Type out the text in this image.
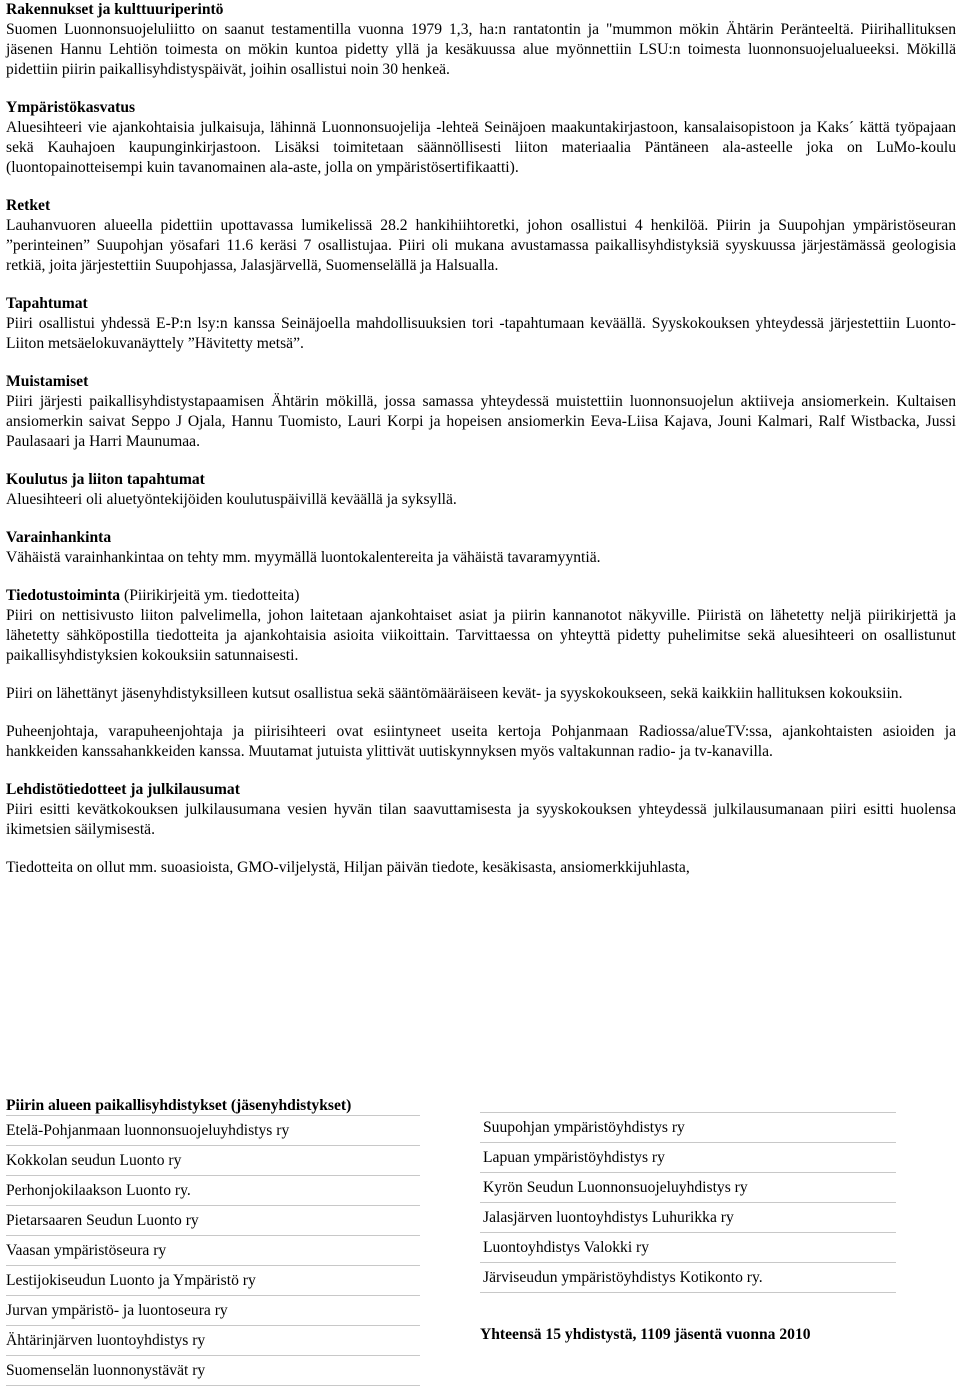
Rakennukset ja kulttuuriperintö

Suomen Luonnonsuojeluliitto on saanut testamentilla vuonna 1979 1,3, ha:n rantatontin ja "mummon mökin Ähtärin Peränteeltä. Piirihallituksen jäsenen Hannu Lehtiön toimesta on mökin kuntoa pidetty yllä ja kesäkuussa alue myönnettiin LSU:n toimesta luonnonsuojelualueeksi. Mökillä pidettiin piirin paikallisyhdistyspäivät, joihin osallistui noin 30 henkeä.

Ympäristökasvatus

Aluesihteeri vie ajankohtaisia julkaisuja, lähinnä Luonnonsuojelija -lehteä Seinäjoen maakuntakirjastoon, kansalaisopistoon ja Kaks´ kättä työpajaan sekä Kauhajoen kaupunginkirjastoon. Lisäksi toimitetaan säännöllisesti liiton materiaalia Päntäneen ala-asteelle joka on LuMo-koulu (luontopainotteisempi kuin tavanomainen ala-aste, jolla on ympäristösertifikaatti).

Retket

Lauhanvuoren alueella pidettiin upottavassa lumikelissä 28.2 hankihiihtoretki, johon osallistui 4 henkilöä. Piirin ja Suupohjan ympäristöseuran ”perinteinen” Suupohjan yösafari 11.6 keräsi 7 osallistujaa. Piiri oli mukana avustamassa paikallisyhdistyksiä syyskuussa järjestämässä geologisia retkiä, joita järjestettiin Suupohjassa, Jalasjärvellä, Suomenselällä ja Halsualla.

Tapahtumat

Piiri osallistui yhdessä E-P:n lsy:n kanssa Seinäjoella mahdollisuuksien tori -tapahtumaan keväällä. Syyskokouksen yhteydessä järjestettiin Luonto-Liiton metsäelokuvanäyttely ”Hävitetty metsä”.

Muistamiset

Piiri järjesti paikallisyhdistystapaamisen Ähtärin mökillä, jossa samassa yhteydessä muistettiin luonnonsuojelun aktiiveja ansiomerkein. Kultaisen ansiomerkin saivat Seppo J Ojala, Hannu Tuomisto, Lauri Korpi ja hopeisen ansiomerkin Eeva-Liisa Kajava, Jouni Kalmari, Ralf Wistbacka, Jussi Paulasaari ja Harri Maunumaa.

Koulutus ja liiton tapahtumat

Aluesihteeri oli aluetyöntekijöiden koulutuspäivillä keväällä ja syksyllä.

Varainhankinta

Vähäistä varainhankintaa on tehty mm. myymällä luontokalentereita ja vähäistä tavaramyyntiä.

Tiedotustoiminta (Piirikirjeitä ym. tiedotteita)

Piiri on nettisivusto liiton palvelimella, johon laitetaan ajankohtaiset asiat ja piirin kannanotot näkyville. Piiristä on lähetetty neljä piirikirjettä ja lähetetty sähköpostilla tiedotteita ja ajankohtaisia asioita viikoittain. Tarvittaessa on yhteyttä pidetty puhelimitse sekä aluesihteeri on osallistunut paikallisyhdistyksien kokouksiin satunnaisesti.

Piiri on lähettänyt jäsenyhdistyksilleen kutsut osallistua sekä sääntömääräiseen kevät- ja syyskokoukseen, sekä kaikkiin hallituksen kokouksiin.

Puheenjohtaja, varapuheenjohtaja ja piirisihteeri ovat esiintyneet useita kertoja Pohjanmaan Radiossa/alueTV:ssa, ajankohtaisten asioiden ja hankkeiden kanssahankkeiden kanssa. Muutamat jutuista ylittivät uutiskynnyksen myös valtakunnan radio- ja tv-kanavilla.

Lehdistötiedotteet ja julkilausumat

Piiri esitti kevätkokouksen julkilausumana vesien hyvän tilan saavuttamisesta ja syyskokouksen yhteydessä julkilausumanaan piiri esitti huolensa ikimetsien säilymisestä.

Tiedotteita on ollut mm. suoasioista, GMO-viljelystä, Hiljan päivän tiedote, kesäkisasta, ansiomerkkijuhlasta,

Piirin alueen paikallisyhdistykset (jäsenyhdistykset)
Etelä-Pohjanmaan luonnonsuojeluyhdistys ry
Kokkolan seudun Luonto ry
Perhonjokilaakson Luonto ry.
Pietarsaaren Seudun Luonto ry
Vaasan ympäristöseura ry
Lestijokiseudun Luonto ja Ympäristö ry
Jurvan ympäristö- ja luontoseura ry
Ähtärinjärven luontoyhdistys ry
Suomenselän luonnonystävät ry
Suupohjan ympäristöyhdistys ry
Lapuan ympäristöyhdistys ry
Kyrön Seudun Luonnonsuojeluyhdistys ry
Jalasjärven luontoyhdistys Luhurikka ry
Luontoyhdistys Valokki ry
Järviseudun ympäristöyhdistys Kotikonto ry.
Yhteensä 15 yhdistystä, 1109 jäsentä vuonna 2010
